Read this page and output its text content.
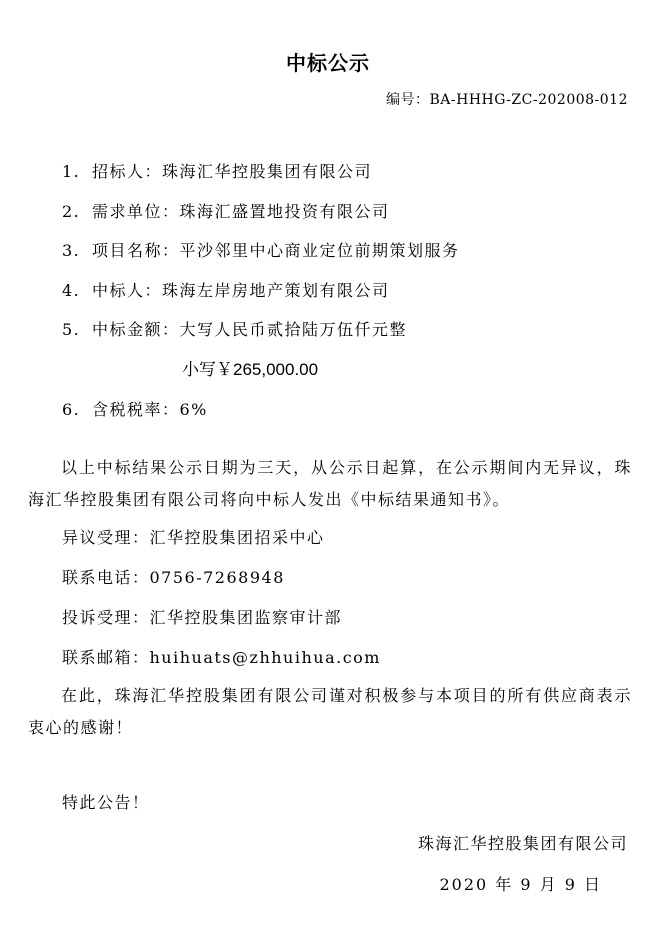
中标公示
编号：BA-HHHG-ZC-202008-012
1. 招标人：珠海汇华控股集团有限公司
2. 需求单位：珠海汇盛置地投资有限公司
3. 项目名称：平沙邻里中心商业定位前期策划服务
4. 中标人：珠海左岸房地产策划有限公司
5. 中标金额：大写人民币贰拾陆万伍仟元整
小写￥265,000.00
6. 含税税率：6%
以上中标结果公示日期为三天，从公示日起算，在公示期间内无异议，珠海汇华控股集团有限公司将向中标人发出《中标结果通知书》。
异议受理：汇华控股集团招采中心
联系电话：0756-7268948
投诉受理：汇华控股集团监察审计部
联系邮箱：huihuats@zhhuihua.com
在此，珠海汇华控股集团有限公司谨对积极参与本项目的所有供应商表示衷心的感谢！
特此公告！
珠海汇华控股集团有限公司
2020 年 9 月 9 日
